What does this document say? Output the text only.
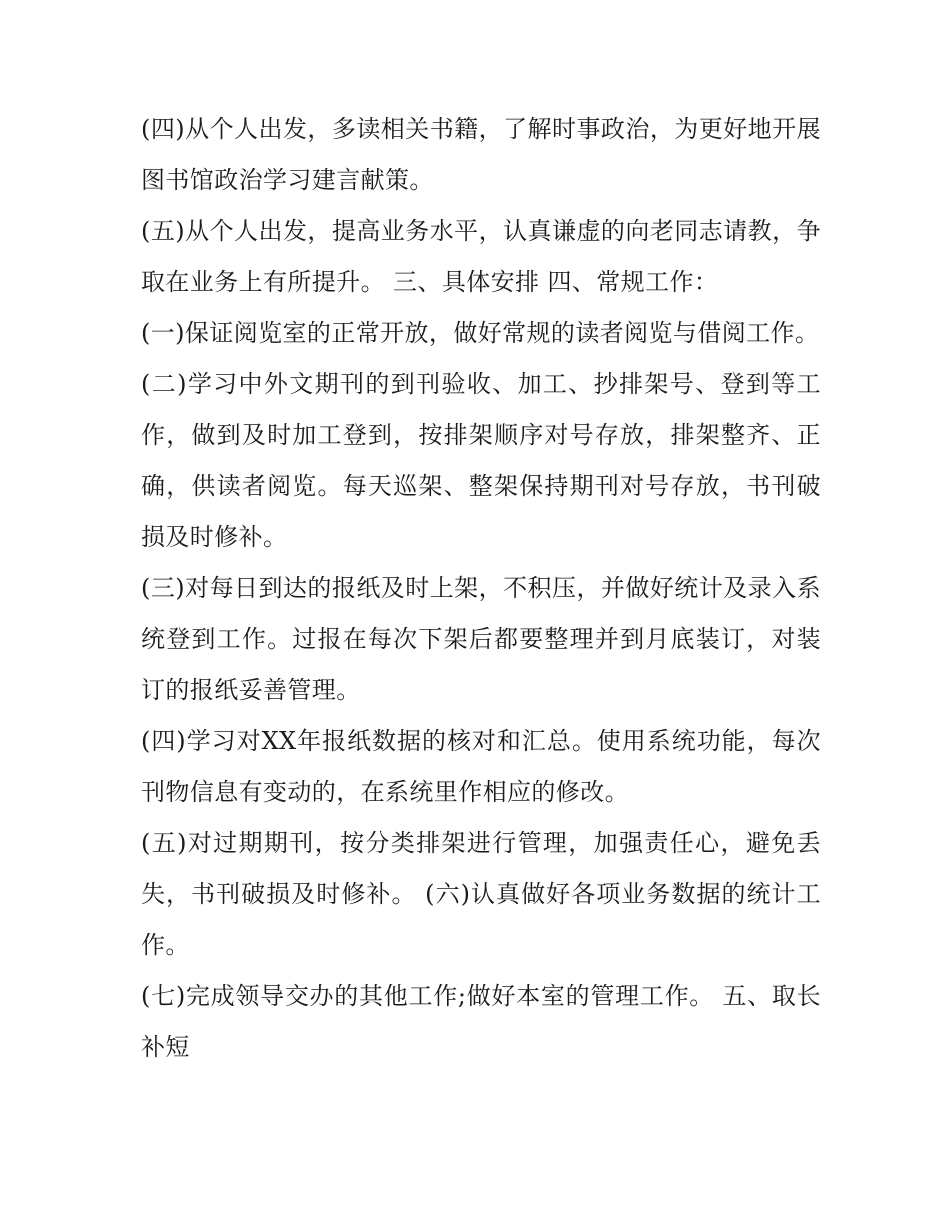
(四)从个人出发，多读相关书籍，了解时事政治，为更好地开展图书馆政治学习建言献策。

(五)从个人出发，提高业务水平，认真谦虚的向老同志请教，争取在业务上有所提升。 三、具体安排 四、常规工作：

(一)保证阅览室的正常开放，做好常规的读者阅览与借阅工作。

(二)学习中外文期刊的到刊验收、加工、抄排架号、登到等工作，做到及时加工登到，按排架顺序对号存放，排架整齐、正确，供读者阅览。每天巡架、整架保持期刊对号存放，书刊破损及时修补。

(三)对每日到达的报纸及时上架，不积压，并做好统计及录入系统登到工作。过报在每次下架后都要整理并到月底装订，对装订的报纸妥善管理。

(四)学习对XX年报纸数据的核对和汇总。使用系统功能，每次刊物信息有变动的，在系统里作相应的修改。

(五)对过期期刊，按分类排架进行管理，加强责任心，避免丢失，书刊破损及时修补。 (六)认真做好各项业务数据的统计工作。

(七)完成领导交办的其他工作;做好本室的管理工作。 五、取长补短
